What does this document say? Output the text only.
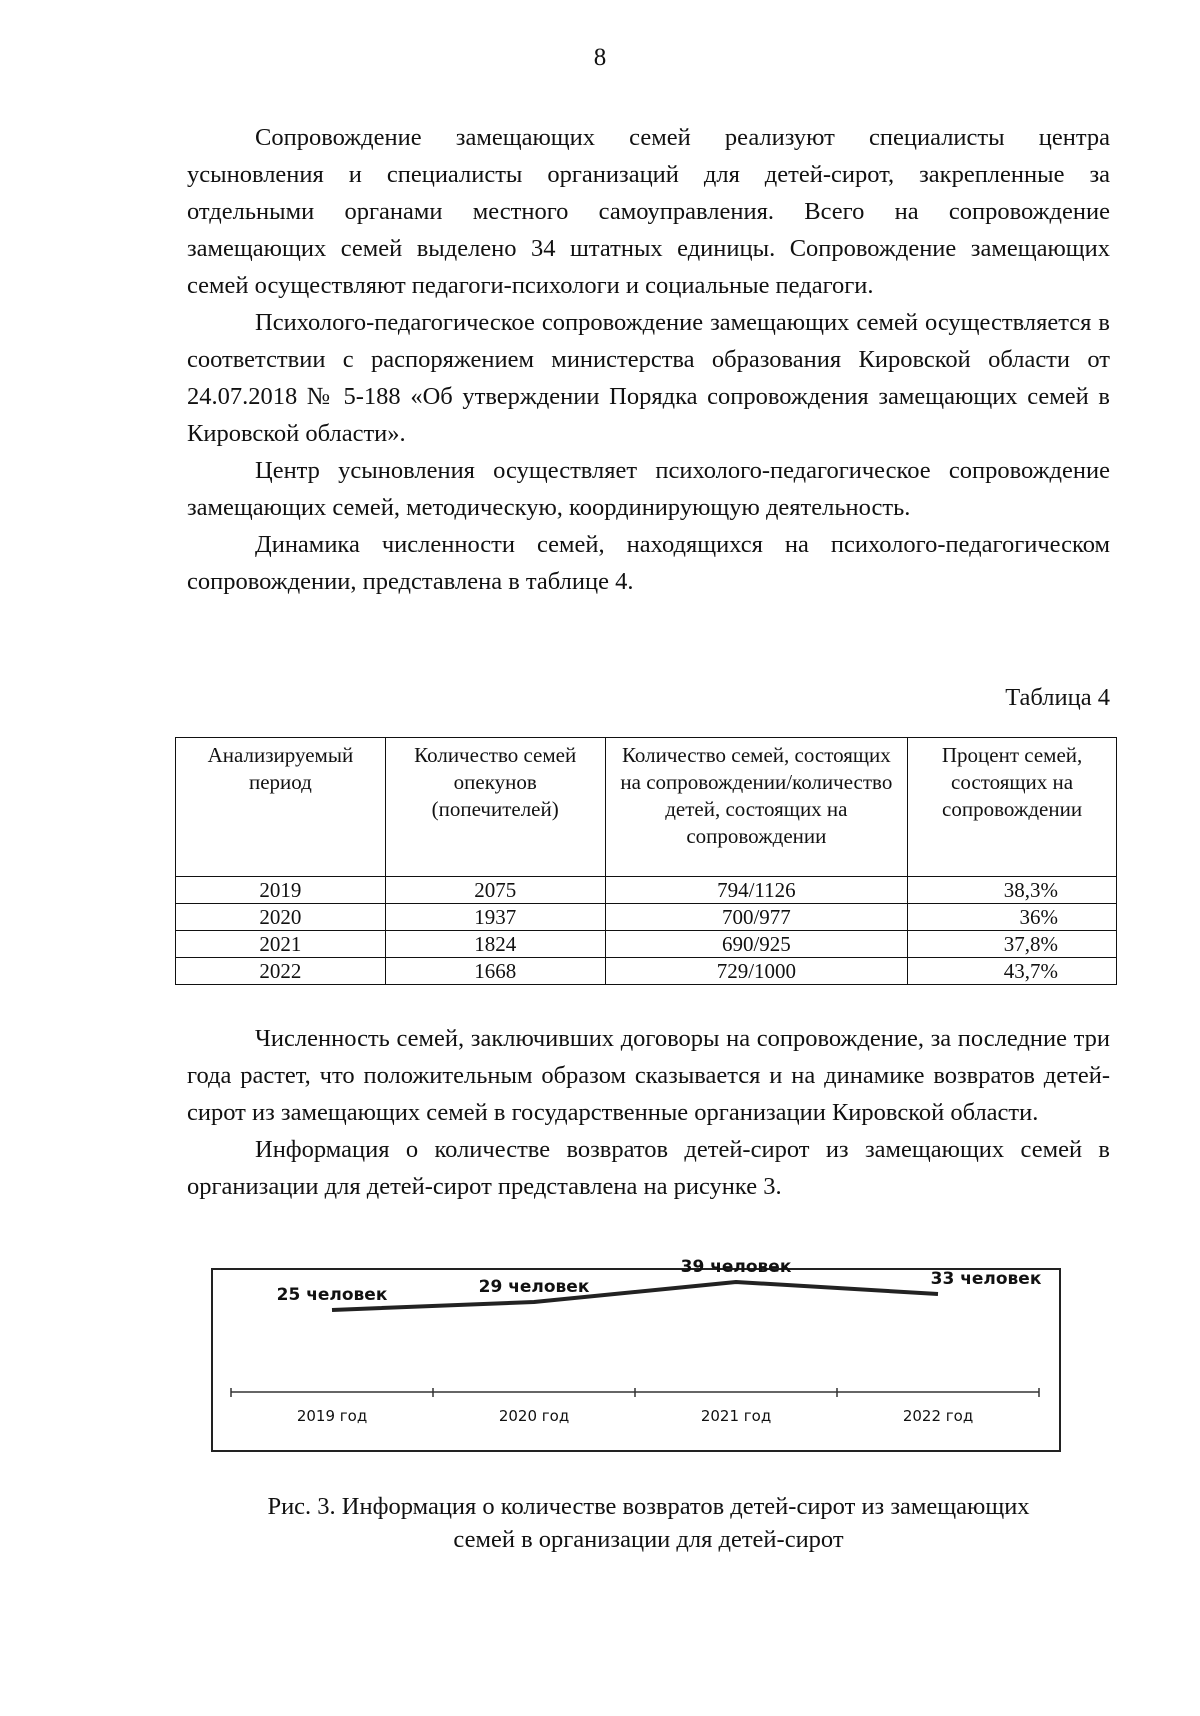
8

Сопровождение замещающих семей реализуют специалисты центра усыновления и специалисты организаций для детей-сирот, закрепленные за отдельными органами местного самоуправления. Всего на сопровождение замещающих семей выделено 34 штатных единицы. Сопровождение замещающих семей осуществляют педагоги-психологи и социальные педагоги.

Психолого-педагогическое сопровождение замещающих семей осуществляется в соответствии с распоряжением министерства образования Кировской области от 24.07.2018 № 5-188 «Об утверждении Порядка сопровождения замещающих семей в Кировской области».

Центр усыновления осуществляет психолого-педагогическое сопровождение замещающих семей, методическую, координирующую деятельность.

Динамика численности семей, находящихся на психолого-педагогическом сопровождении, представлена в таблице 4.

Таблица 4
Анализируемый период	Количество семей опекунов (попечителей)	Количество семей, состоящих на сопровождении/количество детей, состоящих на сопровождении	Процент семей, состоящих на сопровождении
2019	2075	794/1126	38,3%
2020	1937	700/977	36%
2021	1824	690/925	37,8%
2022	1668	729/1000	43,7%

Численность семей, заключивших договоры на сопровождение, за последние три года растет, что положительным образом сказывается и на динамике возвратов детей-сирот из замещающих семей в государственные организации Кировской области.

Информация о количестве возвратов детей-сирот из замещающих семей в организации для детей-сирот представлена на рисунке 3.

2019 год	2020 год	2021 год	2022 год
25 человек	29 человек
39 человек
33 человек
Рис. 3. Информация о количестве возвратов детей-сирот из замещающих
семей в организации для детей-сирот
